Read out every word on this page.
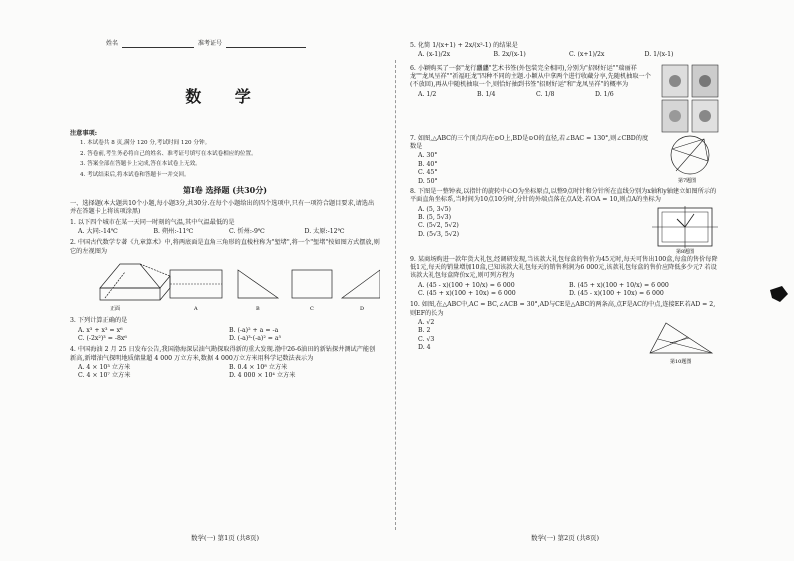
姓名	准考证号
数 学
注意事项:
1. 本试卷共 8 页,满分 120 分,考试时间 120 分钟。
2. 答卷前,考生务必将自己的姓名、准考证号填写在本试卷相应的位置。
3. 答案全部在答题卡上完成,答在本试卷上无效。
4. 考试结束后,将本试卷和答题卡一并交回。
第Ⅰ卷 选择题 (共30分)
一、选择题(本大题共10个小题,每小题3分,共30分.在每个小题给出的四个选项中,只有一项符合题目要求,请选出并在答题卡上将该项涂黑)
1. 以下四个城市在某一天同一时刻的气温,其中气温最低的是
A. 大同:-14℃	B. 朔州:-11℃	C. 忻州:-9℃	D. 太原:-12℃
2. 中国古代数学专著《九章算术》中,将两底面是直角三角形的直棱柱称为"堑堵",将一个"堑堵"按如图方式摆放,则它的左视图为
正面	A	B	C	D
3. 下列计算正确的是
A. x³ + x³ = x⁶	B. (-a)² + a = -a
C. (-2x²)³ = -8x⁶	D. (-a)³·(-a)² = a⁵
4. 中国海油 2 月 25 日发布公告,我国渤海深层油气勘探取得新的重大发现.渤中26-6油田的新钻探井测试产能创新高,新增油气探明地质储量超 4 000 万立方米,数据 4 000万立方米用科学记数法表示为
A. 4 × 10³ 立方米	B. 0.4 × 10⁸ 立方米
C. 4 × 10⁷ 立方米	D. 4 000 × 10⁴ 立方米
数学(一) 第1页 (共8页)
5. 化简 1/(x+1) + 2x/(x²-1) 的结果是
A. (x-1)/2x	B. 2x/(x-1)	C. (x+1)/2x	D. 1/(x-1)
6. 小颖购买了一套"龙行龘龘"艺术书签(外包装完全相同),分别为"招财好运""瑞丽祥龙""龙凤呈祥""祈福旺龙"四种不同的主题.小颖从中拿两个进行收藏分享,先随机抽取一个(不放回),再从中随机抽取一个,则恰好抽到书签"招财好运"和"龙凤呈祥"的概率为
A. 1/2	B. 1/4	C. 1/8	D. 1/6
7. 如图,△ABC的三个顶点均在⊙O上,BD是⊙O的直径,若∠BAC = 130°,则∠CBD的度数是
A. 30°
B. 40°
C. 45°
D. 50°	第7题图
8. 下图是一整钟表,以指针的旋转中心O为坐标原点,以整9点时针和分针所在直线分别为x轴和y轴建立如图所示的平面直角坐标系,当时间为10点10分时,分针的外端点落在点A处.若OA = 10,则点A的坐标为
A. (5, 3√5)
B. (5, 5√3)
C. (5√2, 5√2)
D. (5√3, 5√2)
第8题图
9. 某商场购进一款年货大礼包,经调研发现,当该款大礼包每盒的售价为45元时,每天可售出100盒,每盒的售价每降低1元,每天的销量增加10盒,已知该款大礼包每天的销售利润为6 000元,该款礼包每盒的售价应降低多少元? 若设该款大礼包每盒降价x元,则可列方程为
A. (45 - x)(100 + 10/x) = 6 000	B. (45 + x)(100 + 10/x) = 6 000
C. (45 + x)(100 + 10x) = 6 000	D. (45 - x)(100 + 10x) = 6 000
10. 如图,在△ABC中,AC = BC,∠ACB = 30°,AD与CE是△ABC的两条高,点F是AC的中点,连接EF.若AD = 2,则EF的长为
A. √2
B. 2
C. √3
D. 4
第10题图
数学(一) 第2页 (共8页)
